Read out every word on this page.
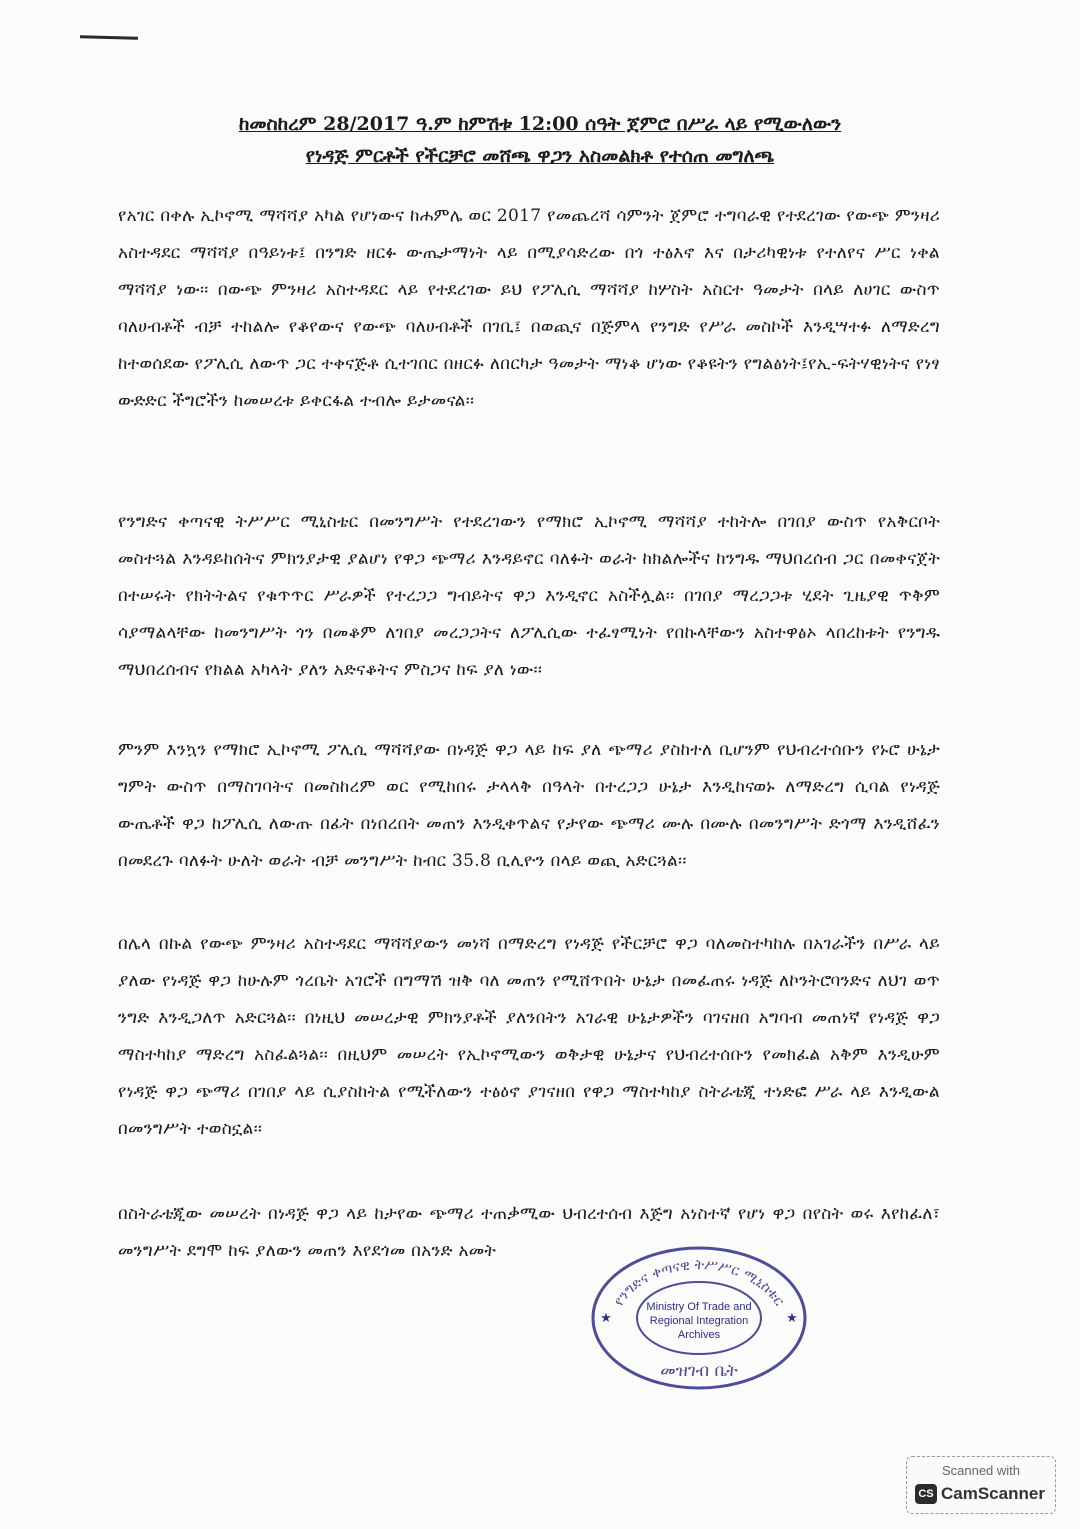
ከመስከረም 28/2017 ዓ.ም ከምሽቱ 12:00 ሰዓት ጀምሮ በሥራ ላይ የሚውለውን
የነዳጅ ምርቶች የችርቻሮ መሸጫ ዋጋን አስመልክቶ የተሰጠ መግለጫ

የአገር በቀሉ ኢኮኖሚ ማሻሻያ አካል የሆነውና ከሐምሌ ወር 2017 የመጨረሻ ሳምንት ጀምሮ ተግባራዊ የተደረገው የውጭ ምንዛሪ አስተዳደር ማሻሻያ በዓይነቱ፤ በንግድ ዘርፉ ውጤታማነት ላይ በሚያሳድረው በጎ ተፅእኖ እና በታሪካዊነቱ የተለየና ሥር ነቀል ማሻሻያ ነው፡፡ በውጭ ምንዛሪ አስተዳደር ላይ የተደረገው ይህ የፖሊሲ ማሻሻያ ከሦስት አስርተ ዓመታት በላይ ለሀገር ውስጥ ባለሀብቶች ብቻ ተከልሎ የቆየውና የውጭ ባለሀብቶች በገቢ፤ በወጪና በጅምላ የንግድ የሥራ መስኮች እንዲሣተፉ ለማድረግ ከተወሰደው የፖሊሲ ለውጥ ጋር ተቀናጅቶ ሲተገበር በዘርፉ ለበርካታ ዓመታት ማነቆ ሆነው የቆዩትን የግልፅነት፤የኢ-ፍትሃዊነትና የነፃ ውድድር ችግሮችን ከመሠረቱ ይቀርፋል ተብሎ ይታመናል፡፡

የንግድና ቀጣናዊ ትሥሥር ሚኒስቴር በመንግሥት የተደረገውን የማክሮ ኢኮኖሚ ማሻሻያ ተከትሎ በገበያ ውስጥ የአቅርቦት መስተጓል እንዳይከሰትና ምክንያታዊ ያልሆነ የዋጋ ጭማሪ እንዳይኖር ባለፉት ወራት ከክልሎችና ከንግዱ ማህበረሰብ ጋር በመቀናጀት በተሠሩት የክትትልና የቁጥጥር ሥራዎች የተረጋጋ ግብይትና ዋጋ እንዲኖር አስችሏል፡፡ በገበያ ማረጋጋቱ ሂደት ጊዜያዊ ጥቅም ሳያማልላቸው ከመንግሥት ጎን በመቆም ለገበያ መረጋጋትና ለፖሊሲው ተፈፃሚነት የበኩላቸውን አስተዋፅኦ ላበረከቱት የንግዱ ማህበረሰብና የክልል አካላት ያለን አድናቆትና ምስጋና ከፍ ያለ ነው፡፡

ምንም እንኳን የማክሮ ኢኮኖሚ ፖሊሲ ማሻሻያው በነዳጅ ዋጋ ላይ ከፍ ያለ ጭማሪ ያስከተለ ቢሆንም የህብረተሰቡን የኑሮ ሁኔታ ግምት ውስጥ በማስገባትና በመስከረም ወር የሚከበሩ ታላላቅ በዓላት በተረጋጋ ሁኔታ እንዲከናወኑ ለማድረግ ሲባል የነዳጅ ውጤቶች ዋጋ ከፖሊሲ ለውጡ በፊት በነበረበት መጠን እንዲቀጥልና የታየው ጭማሪ ሙሉ በሙሉ በመንግሥት ድጎማ እንዲሸፈን በመደረጉ ባለፉት ሁለት ወራት ብቻ መንግሥት ከብር 35.8 ቢሊዮን በላይ ወጪ አድርጓል፡፡

በሌላ በኩል የውጭ ምንዛሪ አስተዳደር ማሻሻያውን መነሻ በማድረግ የነዳጅ የችርቻሮ ዋጋ ባለመስተካከሉ በአገራችን በሥራ ላይ ያለው የነዳጅ ዋጋ ከሁሉም ጎረቤት አገሮች በግማሽ ዝቅ ባለ መጠን የሚሸጥበት ሁኔታ በመፈጠሩ ነዳጅ ለኮንትሮባንድና ለህገ ወጥ ንግድ እንዲጋለጥ አድርጓል፡፡ በነዚህ መሠረታዊ ምክንያቶች ያለንበትን አገራዊ ሁኔታዎችን ባገናዘበ አግባብ መጠነኛ የነዳጅ ዋጋ ማስተካከያ ማድረግ አስፈልጓል፡፡ በዚህም መሠረት የኢኮኖሚውን ወቅታዊ ሁኔታና የህብረተሰቡን የመክፈል አቅም እንዲሁም የነዳጅ ዋጋ ጭማሪ በገበያ ላይ ሲያስከትል የሚችለውን ተፅዕኖ ያገናዘበ የዋጋ ማስተካከያ ስትራቴጂ ተነድፎ ሥራ ላይ እንዲውል በመንግሥት ተወስኗል፡፡

በስትራቴጂው መሠረት በነዳጅ ዋጋ ላይ ከታየው ጭማሪ ተጠቃሚው ህብረተሰብ እጅግ አነስተኛ የሆነ ዋጋ በየስት ወሩ እየከፈለ፣ መንግሥት ደግሞ ከፍ ያለውን መጠን እየደጎመ በአንድ አመት

የንግድና ቀጣናዊ ትሥሥር ሚኒስቴር
Ministry Of Trade and
Regional Integration
Archives
መዝገብ ቤት
★	★
Scanned with
CS CamScanner
